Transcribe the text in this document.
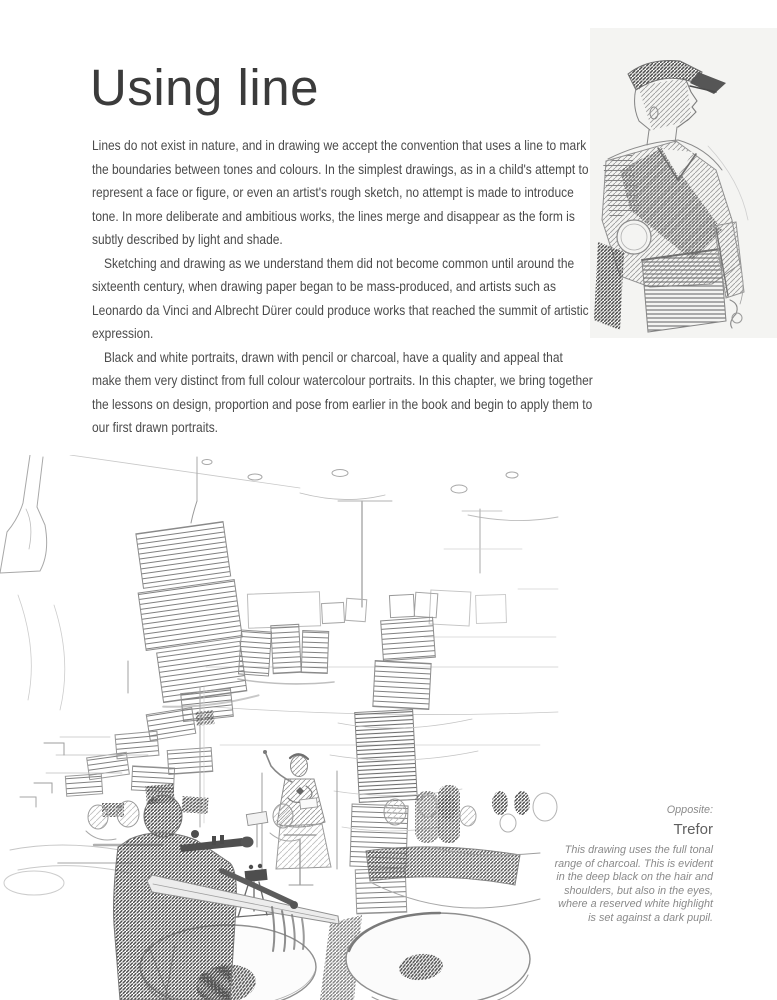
Using line

Lines do not exist in nature, and in drawing we accept the convention that uses a line to mark the boundaries between tones and colours. In the simplest drawings, as in a child's attempt to represent a face or figure, or even an artist's rough sketch, no attempt is made to introduce tone. In more deliberate and ambitious works, the lines merge and disappear as the form is subtly described by light and shade.

Sketching and drawing as we understand them did not become common until around the sixteenth century, when drawing paper began to be mass-produced, and artists such as Leonardo da Vinci and Albrecht Dürer could produce works that reached the summit of artistic expression.

Black and white portraits, drawn with pencil or charcoal, have a quality and appeal that make them very distinct from full colour watercolour portraits. In this chapter, we bring together the lessons on design, proportion and pose from earlier in the book and begin to apply them to our first drawn portraits.

Opposite:

Trefor

This drawing uses the full tonal range of charcoal. This is evident in the deep black on the hair and shoulders, but also in the eyes, where a reserved white highlight is set against a dark pupil.
